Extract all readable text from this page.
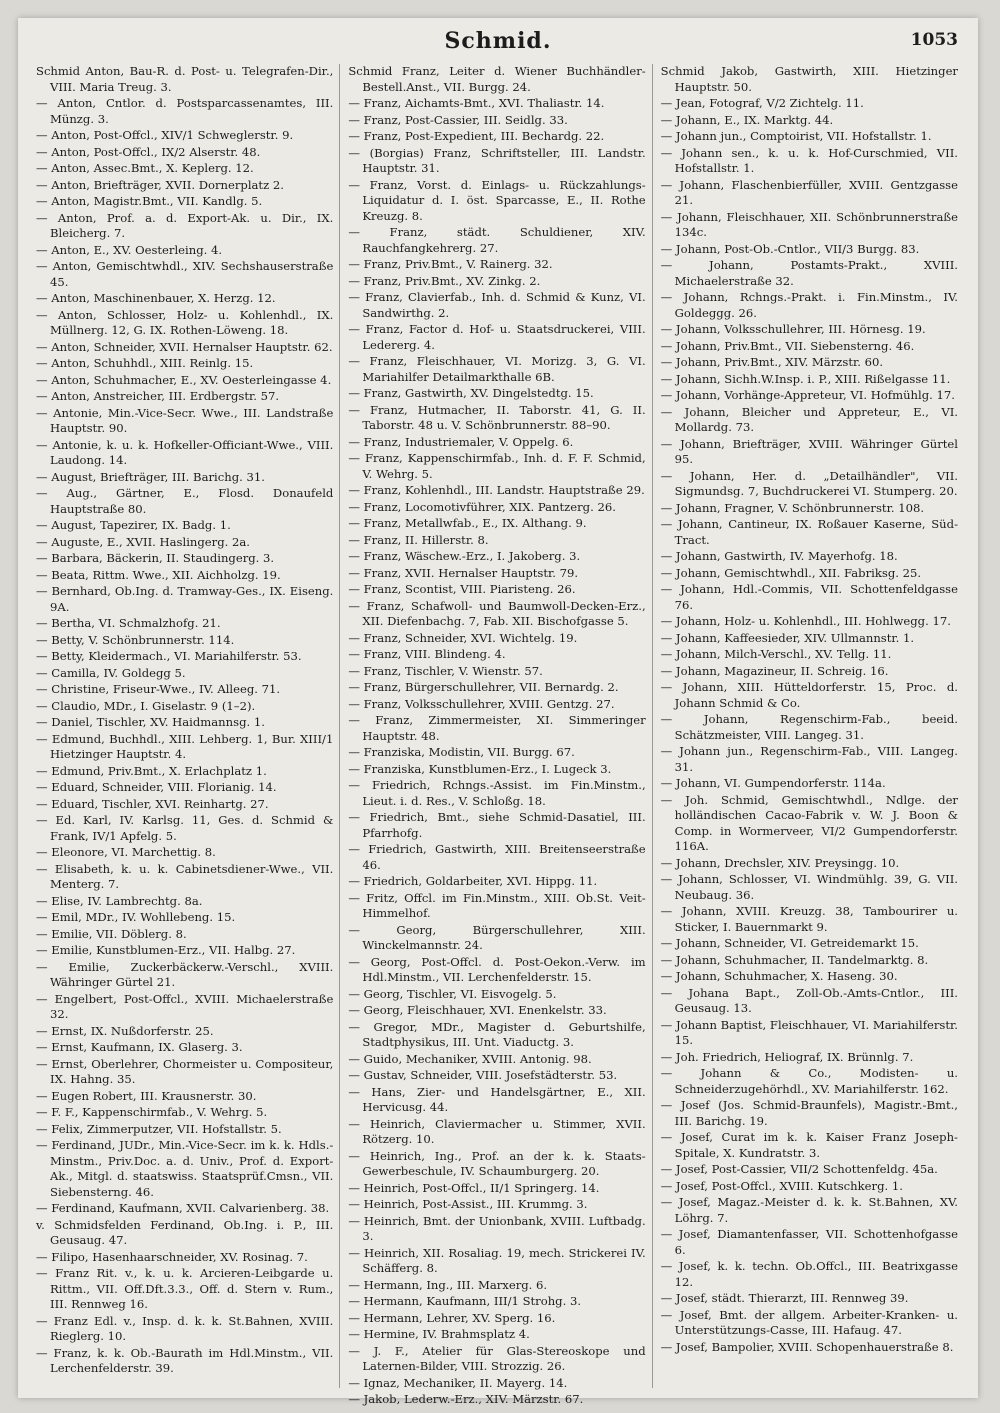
Schmid.	1053

Schmid Anton, Bau-R. d. Post- u. Telegrafen-Dir., VIII. Maria Treug. 3.

— Anton, Cntlor. d. Postsparcassenamtes, III. Münzg. 3.

— Anton, Post-Offcl., XIV/1 Schweglerstr. 9.

— Anton, Post-Offcl., IX/2 Alserstr. 48.

— Anton, Assec.Bmt., X. Keplerg. 12.

— Anton, Briefträger, XVII. Dornerplatz 2.

— Anton, Magistr.Bmt., VII. Kandlg. 5.

— Anton, Prof. a. d. Export-Ak. u. Dir., IX. Bleicherg. 7.

— Anton, E., XV. Oesterleing. 4.

— Anton, Gemischtwhdl., XIV. Sechshauserstraße 45.

— Anton, Maschinenbauer, X. Herzg. 12.

— Anton, Schlosser, Holz- u. Kohlenhdl., IX. Müllnerg. 12, G. IX. Rothen-Löweng. 18.

— Anton, Schneider, XVII. Hernalser Hauptstr. 62.

— Anton, Schuhhdl., XIII. Reinlg. 15.

— Anton, Schuhmacher, E., XV. Oesterleingasse 4.

— Anton, Anstreicher, III. Erdbergstr. 57.

— Antonie, Min.-Vice-Secr. Wwe., III. Landstraße Hauptstr. 90.

— Antonie, k. u. k. Hofkeller-Officiant-Wwe., VIII. Laudong. 14.

— August, Briefträger, III. Barichg. 31.

— Aug., Gärtner, E., Flosd. Donaufeld Hauptstraße 80.

— August, Tapezirer, IX. Badg. 1.

— Auguste, E., XVII. Haslingerg. 2a.

— Barbara, Bäckerin, II. Staudingerg. 3.

— Beata, Rittm. Wwe., XII. Aichholzg. 19.

— Bernhard, Ob.Ing. d. Tramway-Ges., IX. Eiseng. 9A.

— Bertha, VI. Schmalzhofg. 21.

— Betty, V. Schönbrunnerstr. 114.

— Betty, Kleidermach., VI. Mariahilferstr. 53.

— Camilla, IV. Goldegg 5.

— Christine, Friseur-Wwe., IV. Alleeg. 71.

— Claudio, MDr., I. Giselastr. 9 (1–2).

— Daniel, Tischler, XV. Haidmannsg. 1.

— Edmund, Buchhdl., XIII. Lehberg. 1, Bur. XIII/1 Hietzinger Hauptstr. 4.

— Edmund, Priv.Bmt., X. Erlachplatz 1.

— Eduard, Schneider, VIII. Florianig. 14.

— Eduard, Tischler, XVI. Reinhartg. 27.

— Ed. Karl, IV. Karlsg. 11, Ges. d. Schmid & Frank, IV/1 Apfelg. 5.

— Eleonore, VI. Marchettig. 8.

— Elisabeth, k. u. k. Cabinetsdiener-Wwe., VII. Menterg. 7.

— Elise, IV. Lambrechtg. 8a.

— Emil, MDr., IV. Wohllebeng. 15.

— Emilie, VII. Döblerg. 8.

— Emilie, Kunstblumen-Erz., VII. Halbg. 27.

— Emilie, Zuckerbäckerw.-Verschl., XVIII. Währinger Gürtel 21.

— Engelbert, Post-Offcl., XVIII. Michaelerstraße 32.

— Ernst, IX. Nußdorferstr. 25.

— Ernst, Kaufmann, IX. Glaserg. 3.

— Ernst, Oberlehrer, Chormeister u. Compositeur, IX. Hahng. 35.

— Eugen Robert, III. Krausnerstr. 30.

— F. F., Kappenschirmfab., V. Wehrg. 5.

— Felix, Zimmerputzer, VII. Hofstallstr. 5.

— Ferdinand, JUDr., Min.-Vice-Secr. im k. k. Hdls.-Minstm., Priv.Doc. a. d. Univ., Prof. d. Export-Ak., Mitgl. d. staatswiss. Staatsprüf.Cmsn., VII. Siebensterng. 46.

— Ferdinand, Kaufmann, XVII. Calvarienberg. 38.

v. Schmidsfelden Ferdinand, Ob.Ing. i. P., III. Geusaug. 47.

— Filipo, Hasenhaarschneider, XV. Rosinag. 7.

— Franz Rit. v., k. u. k. Arcieren-Leibgarde u. Rittm., VII. Off.Dft.3.3., Off. d. Stern v. Rum., III. Rennweg 16.

— Franz Edl. v., Insp. d. k. k. St.Bahnen, XVIII. Rieglerg. 10.

— Franz, k. k. Ob.-Baurath im Hdl.Minstm., VII. Lerchenfelderstr. 39.

Schmid Franz, Leiter d. Wiener Buchhändler-Bestell.Anst., VII. Burgg. 24.

— Franz, Aichamts-Bmt., XVI. Thaliastr. 14.

— Franz, Post-Cassier, III. Seidlg. 33.

— Franz, Post-Expedient, III. Bechardg. 22.

— (Borgias) Franz, Schriftsteller, III. Landstr. Hauptstr. 31.

— Franz, Vorst. d. Einlags- u. Rückzahlungs-Liquidatur d. I. öst. Sparcasse, E., II. Rothe Kreuzg. 8.

— Franz, städt. Schuldiener, XIV. Rauchfangkehrerg. 27.

— Franz, Priv.Bmt., V. Rainerg. 32.

— Franz, Priv.Bmt., XV. Zinkg. 2.

— Franz, Clavierfab., Inh. d. Schmid & Kunz, VI. Sandwirthg. 2.

— Franz, Factor d. Hof- u. Staatsdruckerei, VIII. Ledererg. 4.

— Franz, Fleischhauer, VI. Morizg. 3, G. VI. Mariahilfer Detailmarkthalle 6B.

— Franz, Gastwirth, XV. Dingelstedtg. 15.

— Franz, Hutmacher, II. Taborstr. 41, G. II. Taborstr. 48 u. V. Schönbrunnerstr. 88–90.

— Franz, Industriemaler, V. Oppelg. 6.

— Franz, Kappenschirmfab., Inh. d. F. F. Schmid, V. Wehrg. 5.

— Franz, Kohlenhdl., III. Landstr. Hauptstraße 29.

— Franz, Locomotivführer, XIX. Pantzerg. 26.

— Franz, Metallwfab., E., IX. Althang. 9.

— Franz, II. Hillerstr. 8.

— Franz, Wäschew.-Erz., I. Jakoberg. 3.

— Franz, XVII. Hernalser Hauptstr. 79.

— Franz, Scontist, VIII. Piaristeng. 26.

— Franz, Schafwoll- und Baumwoll-Decken-Erz., XII. Diefenbachg. 7, Fab. XII. Bischofgasse 5.

— Franz, Schneider, XVI. Wichtelg. 19.

— Franz, VIII. Blindeng. 4.

— Franz, Tischler, V. Wienstr. 57.

— Franz, Bürgerschullehrer, VII. Bernardg. 2.

— Franz, Volksschullehrer, XVIII. Gentzg. 27.

— Franz, Zimmermeister, XI. Simmeringer Hauptstr. 48.

— Franziska, Modistin, VII. Burgg. 67.

— Franziska, Kunstblumen-Erz., I. Lugeck 3.

— Friedrich, Rchngs.-Assist. im Fin.Minstm., Lieut. i. d. Res., V. Schloßg. 18.

— Friedrich, Bmt., siehe Schmid-Dasatiel, III. Pfarrhofg.

— Friedrich, Gastwirth, XIII. Breitenseerstraße 46.

— Friedrich, Goldarbeiter, XVI. Hippg. 11.

— Fritz, Offcl. im Fin.Minstm., XIII. Ob.St. Veit-Himmelhof.

— Georg, Bürgerschullehrer, XIII. Winckelmannstr. 24.

— Georg, Post-Offcl. d. Post-Oekon.-Verw. im Hdl.Minstm., VII. Lerchenfelderstr. 15.

— Georg, Tischler, VI. Eisvogelg. 5.

— Georg, Fleischhauer, XVI. Enenkelstr. 33.

— Gregor, MDr., Magister d. Geburtshilfe, Stadtphysikus, III. Unt. Viaductg. 3.

— Guido, Mechaniker, XVIII. Antonig. 98.

— Gustav, Schneider, VIII. Josefstädterstr. 53.

— Hans, Zier- und Handelsgärtner, E., XII. Hervicusg. 44.

— Heinrich, Claviermacher u. Stimmer, XVII. Rötzerg. 10.

— Heinrich, Ing., Prof. an der k. k. Staats-Gewerbeschule, IV. Schaumburgerg. 20.

— Heinrich, Post-Offcl., II/1 Springerg. 14.

— Heinrich, Post-Assist., III. Krummg. 3.

— Heinrich, Bmt. der Unionbank, XVIII. Luftbadg. 3.

— Heinrich, XII. Rosaliag. 19, mech. Strickerei IV. Schäfferg. 8.

— Hermann, Ing., III. Marxerg. 6.

— Hermann, Kaufmann, III/1 Strohg. 3.

— Hermann, Lehrer, XV. Sperg. 16.

— Hermine, IV. Brahmsplatz 4.

— J. F., Atelier für Glas-Stereoskope und Laternen-Bilder, VIII. Strozzig. 26.

— Ignaz, Mechaniker, II. Mayerg. 14.

— Jakob, Lederw.-Erz., XIV. Märzstr. 67.

Schmid Jakob, Gastwirth, XIII. Hietzinger Hauptstr. 50.

— Jean, Fotograf, V/2 Zichtelg. 11.

— Johann, E., IX. Marktg. 44.

— Johann jun., Comptoirist, VII. Hofstallstr. 1.

— Johann sen., k. u. k. Hof-Curschmied, VII. Hofstallstr. 1.

— Johann, Flaschenbierfüller, XVIII. Gentzgasse 21.

— Johann, Fleischhauer, XII. Schönbrunnerstraße 134c.

— Johann, Post-Ob.-Cntlor., VII/3 Burgg. 83.

— Johann, Postamts-Prakt., XVIII. Michaelerstraße 32.

— Johann, Rchngs.-Prakt. i. Fin.Minstm., IV. Goldeggg. 26.

— Johann, Volksschullehrer, III. Hörnesg. 19.

— Johann, Priv.Bmt., VII. Siebensterng. 46.

— Johann, Priv.Bmt., XIV. Märzstr. 60.

— Johann, Sichh.W.Insp. i. P., XIII. Rißelgasse 11.

— Johann, Vorhänge-Appreteur, VI. Hofmühlg. 17.

— Johann, Bleicher und Appreteur, E., VI. Mollardg. 73.

— Johann, Briefträger, XVIII. Währinger Gürtel 95.

— Johann, Her. d. „Detailhändler", VII. Sigmundsg. 7, Buchdruckerei VI. Stumperg. 20.

— Johann, Fragner, V. Schönbrunnerstr. 108.

— Johann, Cantineur, IX. Roßauer Kaserne, Süd-Tract.

— Johann, Gastwirth, IV. Mayerhofg. 18.

— Johann, Gemischtwhdl., XII. Fabriksg. 25.

— Johann, Hdl.-Commis, VII. Schottenfeldgasse 76.

— Johann, Holz- u. Kohlenhdl., III. Hohlwegg. 17.

— Johann, Kaffeesieder, XIV. Ullmannstr. 1.

— Johann, Milch-Verschl., XV. Tellg. 11.

— Johann, Magazineur, II. Schreig. 16.

— Johann, XIII. Hütteldorferstr. 15, Proc. d. Johann Schmid & Co.

— Johann, Regenschirm-Fab., beeid. Schätzmeister, VIII. Langeg. 31.

— Johann jun., Regenschirm-Fab., VIII. Langeg. 31.

— Johann, VI. Gumpendorferstr. 114a.

— Joh. Schmid, Gemischtwhdl., Ndlge. der holländischen Cacao-Fabrik v. W. J. Boon & Comp. in Wormerveer, VI/2 Gumpendorferstr. 116A.

— Johann, Drechsler, XIV. Preysingg. 10.

— Johann, Schlosser, VI. Windmühlg. 39, G. VII. Neubaug. 36.

— Johann, XVIII. Kreuzg. 38, Tambourirer u. Sticker, I. Bauernmarkt 9.

— Johann, Schneider, VI. Getreidemarkt 15.

— Johann, Schuhmacher, II. Tandelmarktg. 8.

— Johann, Schuhmacher, X. Haseng. 30.

— Johana Bapt., Zoll-Ob.-Amts-Cntlor., III. Geusaug. 13.

— Johann Baptist, Fleischhauer, VI. Mariahilferstr. 15.

— Joh. Friedrich, Heliograf, IX. Brünnlg. 7.

— Johann & Co., Modisten- u. Schneiderzugehörhdl., XV. Mariahilferstr. 162.

— Josef (Jos. Schmid-Braunfels), Magistr.-Bmt., III. Barichg. 19.

— Josef, Curat im k. k. Kaiser Franz Joseph-Spitale, X. Kundratstr. 3.

— Josef, Post-Cassier, VII/2 Schottenfeldg. 45a.

— Josef, Post-Offcl., XVIII. Kutschkerg. 1.

— Josef, Magaz.-Meister d. k. k. St.Bahnen, XV. Löhrg. 7.

— Josef, Diamantenfasser, VII. Schottenhofgasse 6.

— Josef, k. k. techn. Ob.Offcl., III. Beatrixgasse 12.

— Josef, städt. Thierarzt, III. Rennweg 39.

— Josef, Bmt. der allgem. Arbeiter-Kranken- u. Unterstützungs-Casse, III. Hafaug. 47.

— Josef, Bampolier, XVIII. Schopenhauerstraße 8.
